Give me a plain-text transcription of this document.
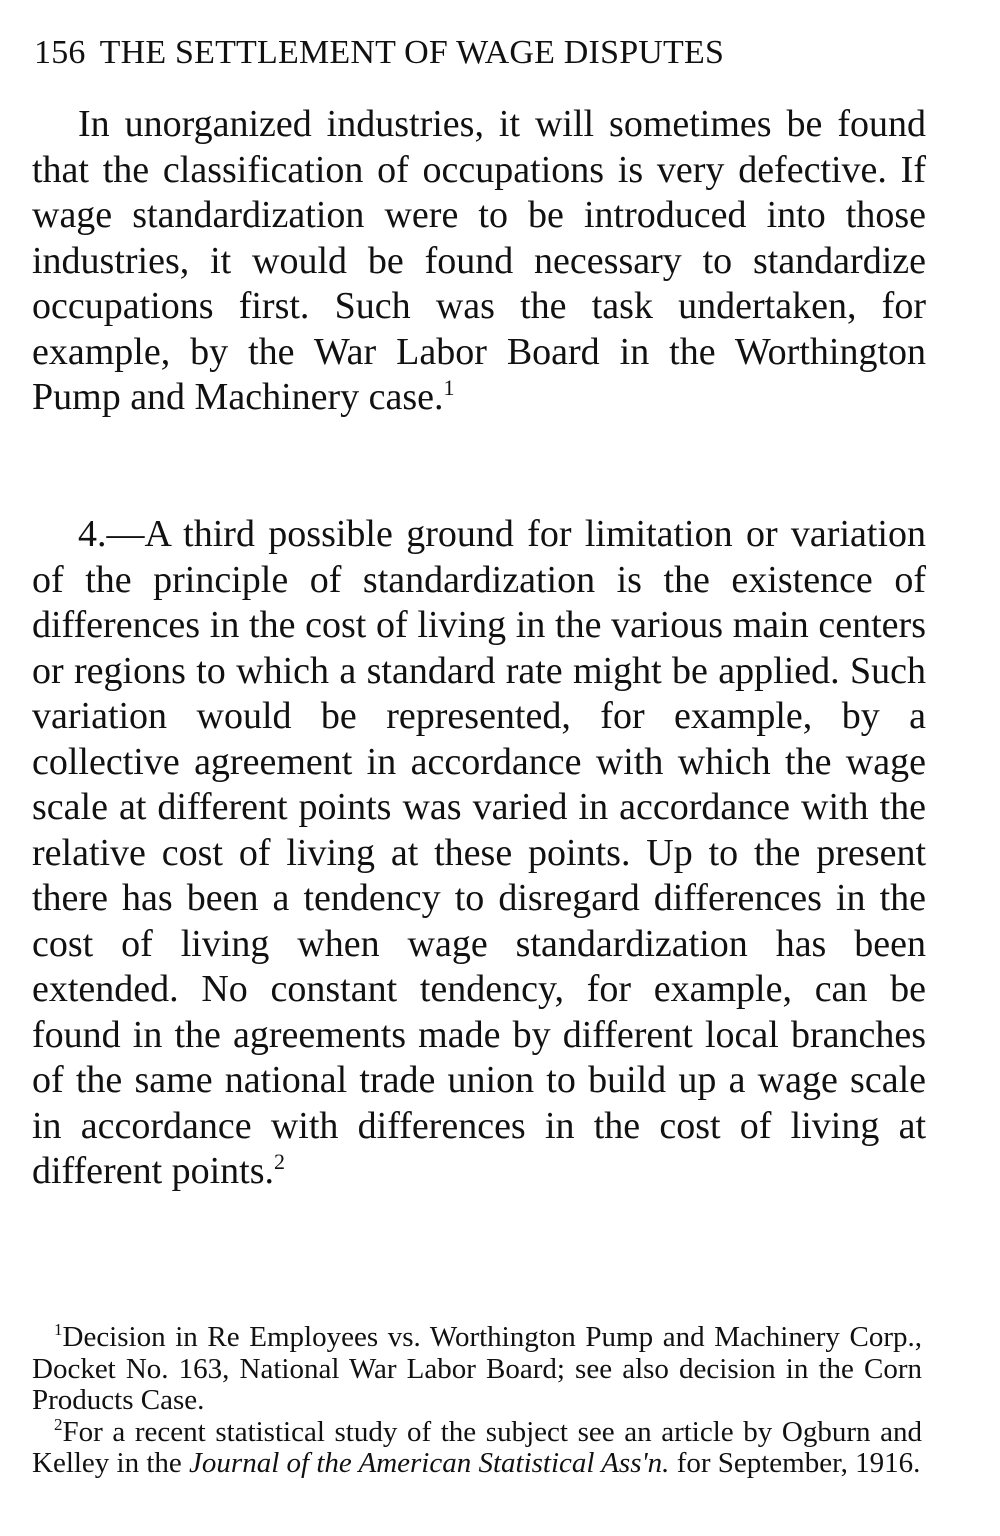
156 THE SETTLEMENT OF WAGE DISPUTES
In unorganized industries, it will sometimes be found that the classification of occupations is very defective. If wage standardization were to be introduced into those industries, it would be found necessary to standardize occupations first. Such was the task undertaken, for example, by the War Labor Board in the Worthington Pump and Machinery case.$^1$
4.—A third possible ground for limitation or variation of the principle of standardization is the existence of differences in the cost of living in the various main centers or regions to which a standard rate might be applied. Such variation would be represented, for example, by a collective agreement in accordance with which the wage scale at different points was varied in accordance with the relative cost of living at these points. Up to the present there has been a tendency to disregard differences in the cost of living when wage standardization has been extended. No constant tendency, for example, can be found in the agreements made by different local branches of the same national trade union to build up a wage scale in accordance with differences in the cost of living at different points.$^2$
$^1$Decision in Re Employees vs. Worthington Pump and Machinery Corp., Docket No. 163, National War Labor Board; see also decision in the Corn Products Case.
$^2$For a recent statistical study of the subject see an article by Ogburn and Kelley in the Journal of the American Statistical Ass'n. for September, 1916.
